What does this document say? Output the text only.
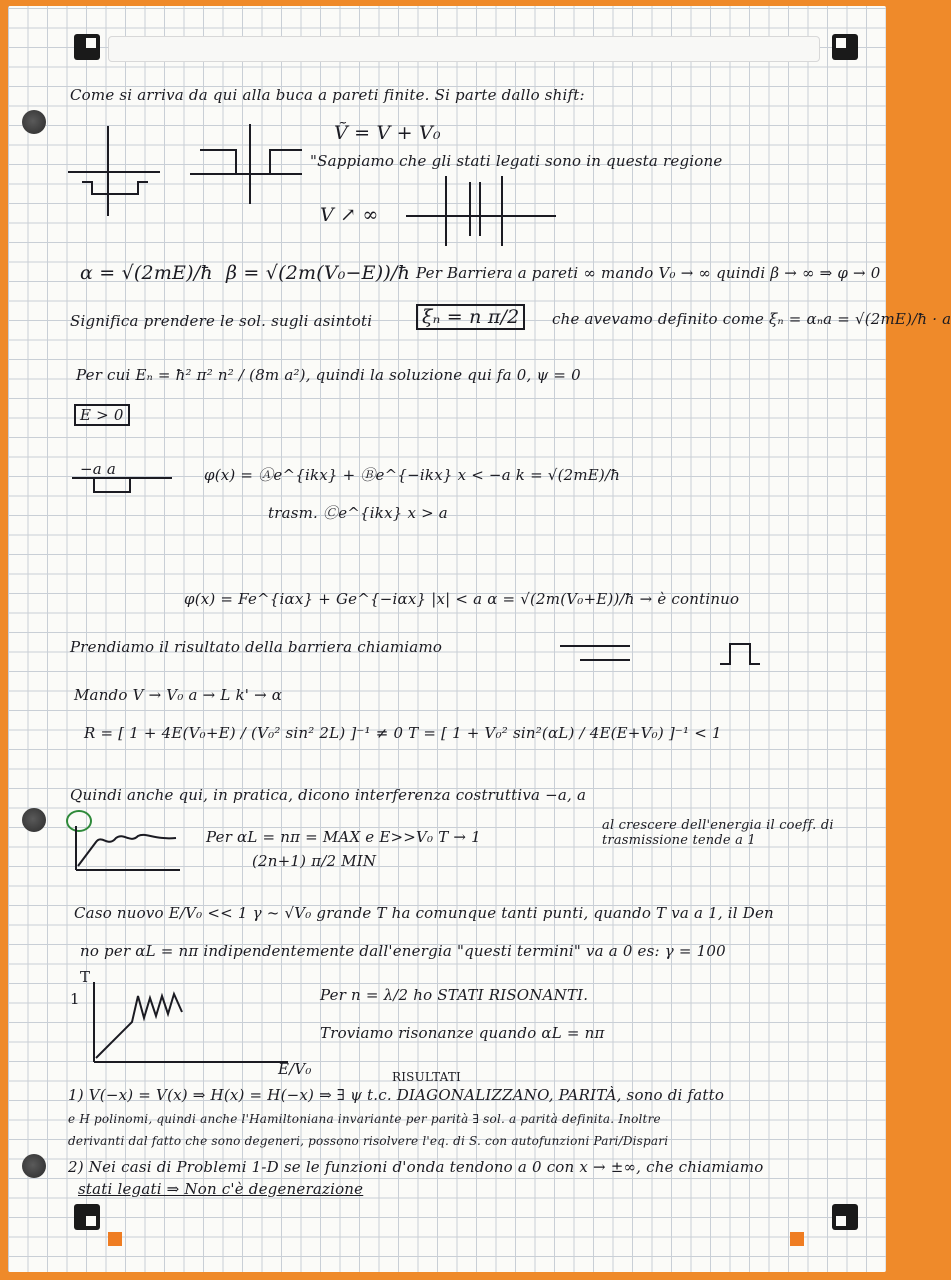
Come si arriva da qui alla buca a pareti finite. Si parte dallo shift:
Ṽ = V + V₀
"Sappiamo che gli stati legati sono in questa regione
V ↗ ∞
α = √(2mE)/ħ β = √(2m(V₀−E))/ħ Per Barriera a pareti ∞ mando V₀ → ∞ quindi β → ∞ ⇒ φ → 0
Significa prendere le sol. sugli asintoti	ξₙ = n π/2	che avevamo definito come ξₙ = αₙa = √(2mE)/ħ · a
Per cui Eₙ = ħ² π² n² / (8m a²), quindi la soluzione qui fa 0, ψ = 0
E > 0
−a a	φ(x) = Ⓐe^{ikx} + Ⓑe^{−ikx} x < −a k = √(2mE)/ħ
trasm. Ⓒe^{ikx} x > a
φ(x) = Fe^{iαx} + Ge^{−iαx} |x| < a α = √(2m(V₀+E))/ħ → è continuo
Prendiamo il risultato della barriera chiamiamo
Mando V → V₀ a → L k' → α
R = [ 1 + 4E(V₀+E) / (V₀² sin² 2L) ]⁻¹ ≠ 0 T = [ 1 + V₀² sin²(αL) / 4E(E+V₀) ]⁻¹ < 1
Quindi anche qui, in pratica, dicono interferenza costruttiva −a, a
Per αL = nπ = MAX e E>>V₀ T → 1
(2n+1) π/2 MIN
al crescere dell'energia il coeff. di trasmissione tende a 1
Caso nuovo E/V₀ << 1 γ ~ √V₀ grande T ha comunque tanti punti, quando T va a 1, il Den
no per αL = nπ indipendentemente dall'energia "questi termini" va a 0 es: γ = 100
T
1
E/V₀
Per n = λ/2 ho STATI RISONANTI.
Troviamo risonanze quando αL = nπ
RISULTATI
1) V(−x) = V(x) ⇒ H(x) = H(−x) ⇒ ∃ ψ t.c. DIAGONALIZZANO, PARITÀ, sono di fatto
e H polinomi, quindi anche l'Hamiltoniana invariante per parità ∃ sol. a parità definita. Inoltre
derivanti dal fatto che sono degeneri, possono risolvere l'eq. di S. con autofunzioni Pari/Dispari
2) Nei casi di Problemi 1-D se le funzioni d'onda tendono a 0 con x → ±∞, che chiamiamo
stati legati ⇒ Non c'è degenerazione
